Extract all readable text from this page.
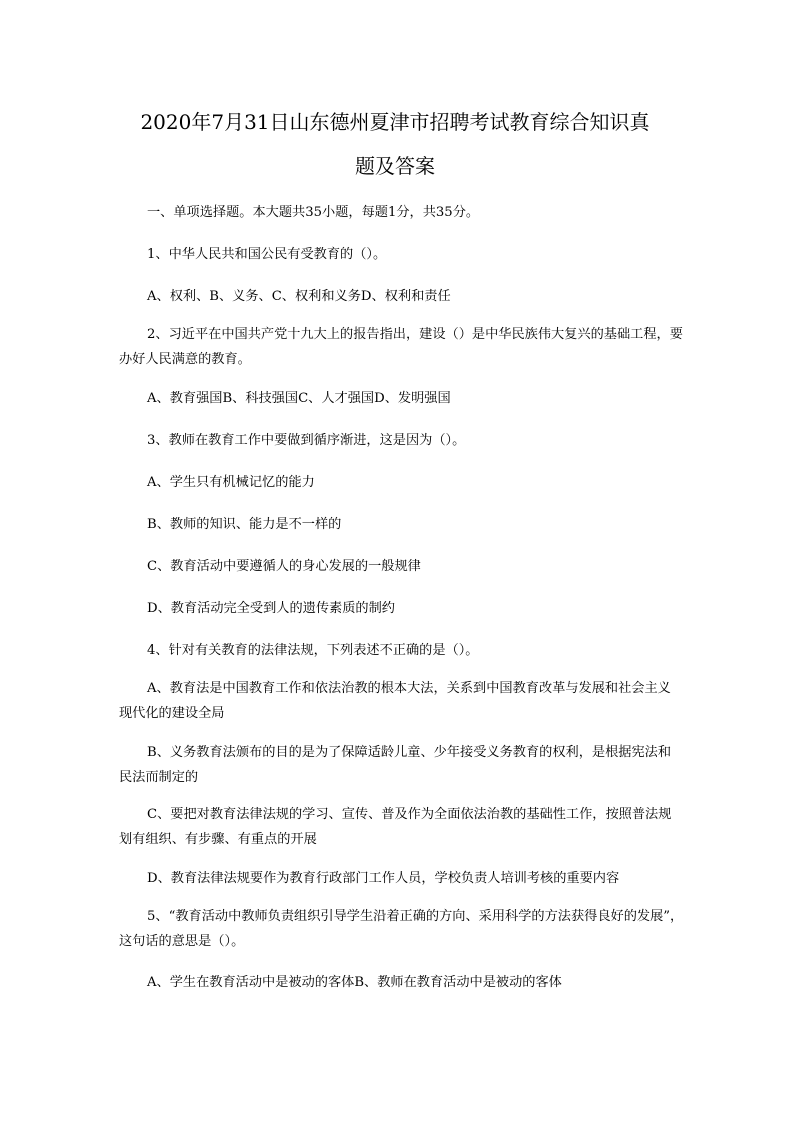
2020年7月31日山东德州夏津市招聘考试教育综合知识真
题及答案
一、单项选择题。本大题共35小题，每题1分，共35分。
1、中华人民共和国公民有受教育的（）。
A、权利、B、义务、C、权利和义务D、权利和责任
2、习近平在中国共产党十九大上的报告指出，建设（）是中华民族伟大复兴的基础工程，要办好人民满意的教育。
A、教育强国B、科技强国C、人才强国D、发明强国
3、教师在教育工作中要做到循序渐进，这是因为（）。
A、学生只有机械记忆的能力
B、教师的知识、能力是不一样的
C、教育活动中要遵循人的身心发展的一般规律
D、教育活动完全受到人的遗传素质的制约
4、针对有关教育的法律法规，下列表述不正确的是（）。
A、教育法是中国教育工作和依法治教的根本大法，关系到中国教育改革与发展和社会主义现代化的建设全局
B、义务教育法颁布的目的是为了保障适龄儿童、少年接受义务教育的权利，是根据宪法和民法而制定的
C、要把对教育法律法规的学习、宣传、普及作为全面依法治教的基础性工作，按照普法规划有组织、有步骤、有重点的开展
D、教育法律法规要作为教育行政部门工作人员，学校负责人培训考核的重要内容
5、“教育活动中教师负责组织引导学生沿着正确的方向、采用科学的方法获得良好的发展”，这句话的意思是（）。
A、学生在教育活动中是被动的客体B、教师在教育活动中是被动的客体
